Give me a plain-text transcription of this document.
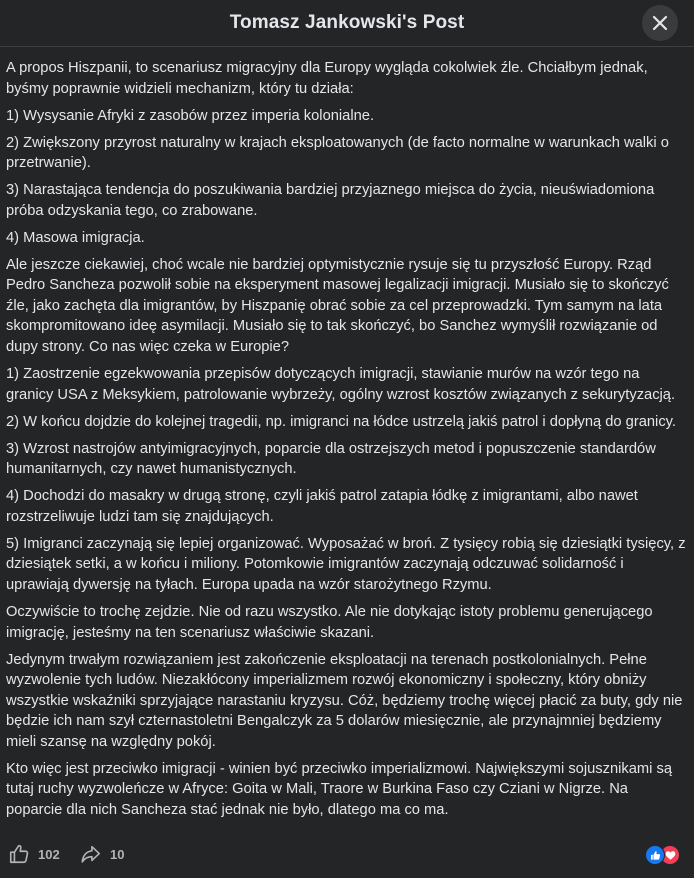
Tomasz Jankowski's Post

A propos Hiszpanii, to scenariusz migracyjny dla Europy wygląda cokolwiek źle. Chciałbym jednak, byśmy poprawnie widzieli mechanizm, który tu działa:

1) Wysysanie Afryki z zasobów przez imperia kolonialne.

2) Zwiększony przyrost naturalny w krajach eksploatowanych (de facto normalne w warunkach walki o przetrwanie).

3) Narastająca tendencja do poszukiwania bardziej przyjaznego miejsca do życia, nieuświadomiona próba odzyskania tego, co zrabowane.

4) Masowa imigracja.

Ale jeszcze ciekawiej, choć wcale nie bardziej optymistycznie rysuje się tu przyszłość Europy. Rząd Pedro Sancheza pozwolił sobie na eksperyment masowej legalizacji imigracji. Musiało się to skończyć źle, jako zachęta dla imigrantów, by Hiszpanię obrać sobie za cel przeprowadzki. Tym samym na lata skompromitowano ideę asymilacji. Musiało się to tak skończyć, bo Sanchez wymyślił rozwiązanie od dupy strony. Co nas więc czeka w Europie?

1) Zaostrzenie egzekwowania przepisów dotyczących imigracji, stawianie murów na wzór tego na granicy USA z Meksykiem, patrolowanie wybrzeży, ogólny wzrost kosztów związanych z sekurytyzacją.

2) W końcu dojdzie do kolejnej tragedii, np. imigranci na łódce ustrzelą jakiś patrol i dopłyną do granicy.

3) Wzrost nastrojów antyimigracyjnych, poparcie dla ostrzejszych metod i popuszczenie standardów humanitarnych, czy nawet humanistycznych.

4) Dochodzi do masakry w drugą stronę, czyli jakiś patrol zatapia łódkę z imigrantami, albo nawet rozstrzeliwuje ludzi tam się znajdujących.

5) Imigranci zaczynają się lepiej organizować. Wyposażać w broń. Z tysięcy robią się dziesiątki tysięcy, z dziesiątek setki, a w końcu i miliony. Potomkowie imigrantów zaczynają odczuwać solidarność i uprawiają dywersję na tyłach. Europa upada na wzór starożytnego Rzymu.

Oczywiście to trochę zejdzie. Nie od razu wszystko. Ale nie dotykając istoty problemu generującego imigrację, jesteśmy na ten scenariusz właściwie skazani.

Jedynym trwałym rozwiązaniem jest zakończenie eksploatacji na terenach postkolonialnych. Pełne wyzwolenie tych ludów. Niezakłócony imperializmem rozwój ekonomiczny i społeczny, który obniży wszystkie wskaźniki sprzyjające narastaniu kryzysu. Cóż, będziemy trochę więcej płacić za buty, gdy nie będzie ich nam szył czternastoletni Bengalczyk za 5 dolarów miesięcznie, ale przynajmniej będziemy mieli szansę na względny pokój.

Kto więc jest przeciwko imigracji - winien być przeciwko imperializmowi. Największymi sojusznikami są tutaj ruchy wyzwoleńcze w Afryce: Goita w Mali, Traore w Burkina Faso czy Cziani w Nigrze. Na poparcie dla nich Sancheza stać jednak nie było, dlatego ma co ma.

102	10
